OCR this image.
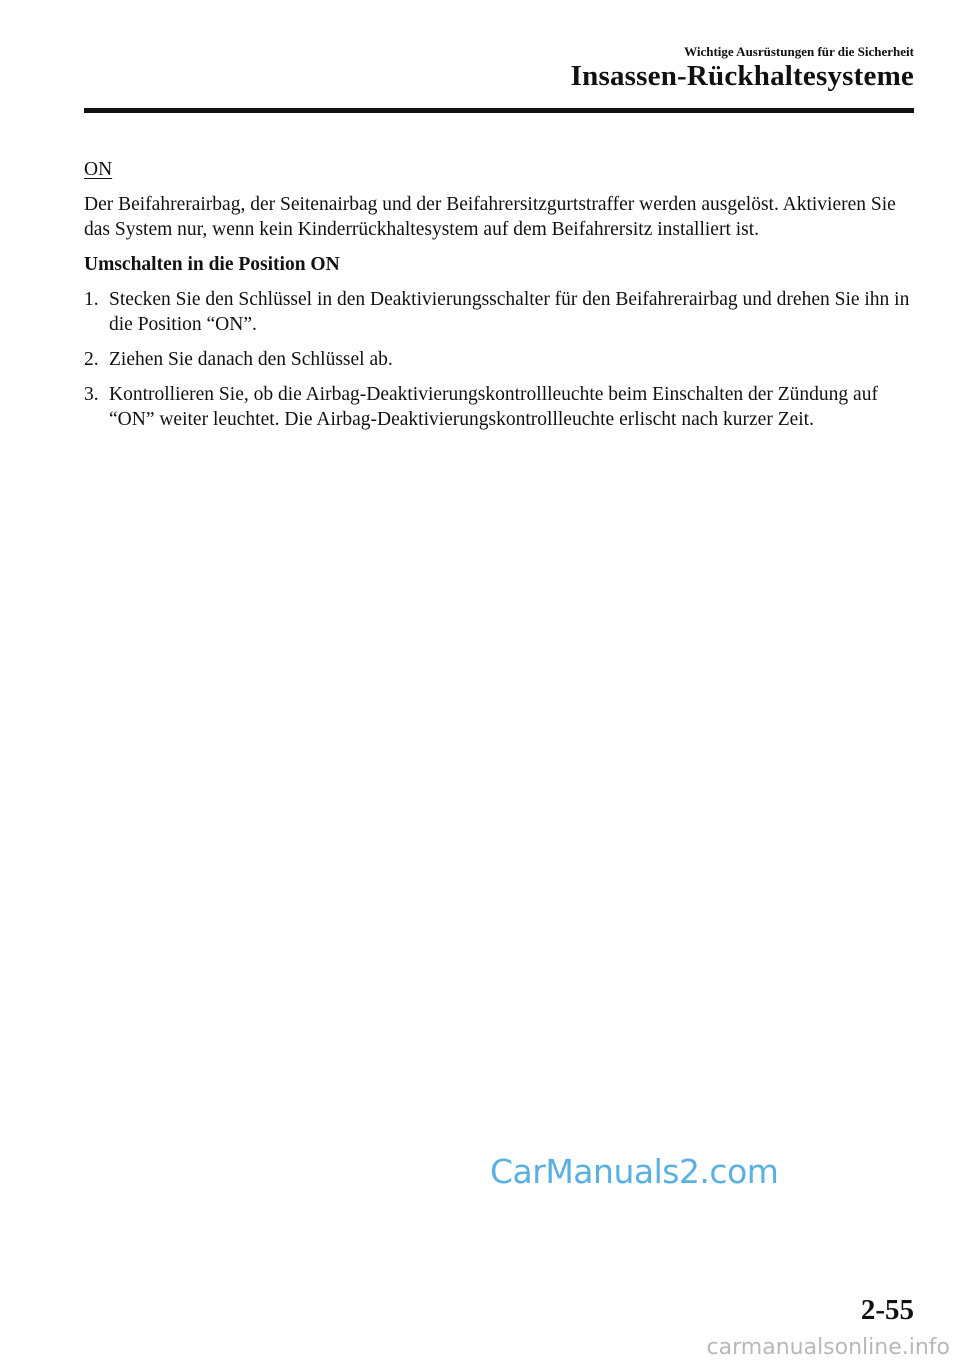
Wichtige Ausrüstungen für die Sicherheit
Insassen-Rückhaltesysteme
ON

Der Beifahrerairbag, der Seitenairbag und der Beifahrersitzgurtstraffer werden ausgelöst. Aktivieren Sie das System nur, wenn kein Kinderrückhaltesystem auf dem Beifahrersitz installiert ist.

Umschalten in die Position ON

1. Stecken Sie den Schlüssel in den Deaktivierungsschalter für den Beifahrerairbag und drehen Sie ihn in die Position “ON”.
2. Ziehen Sie danach den Schlüssel ab.
3. Kontrollieren Sie, ob die Airbag-Deaktivierungskontrollleuchte beim Einschalten der Zündung auf “ON” weiter leuchtet. Die Airbag-Deaktivierungskontrollleuchte erlischt nach kurzer Zeit.
CarManuals2.com
2-55
carmanualsonline.info
